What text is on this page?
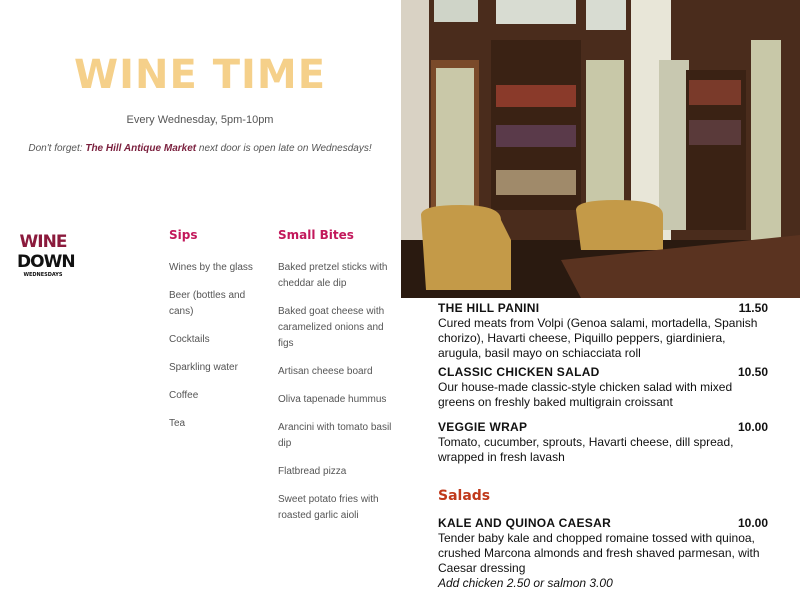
WINE TIME
Every Wednesday, 5pm-10pm
Don't forget: The Hill Antique Market next door is open late on Wednesdays!
WINE
DOWN
WEDNESDAYS
Sips
Wines by the glass
Beer (bottles and cans)
Cocktails
Sparkling water
Coffee
Tea
Small Bites
Baked pretzel sticks with cheddar ale dip
Baked goat cheese with caramelized onions and figs
Artisan cheese board
Oliva tapenade hummus
Arancini with tomato basil dip
Flatbread pizza
Sweet potato fries with roasted garlic aioli
THE HILL PANINI	11.50
Cured meats from Volpi (Genoa salami, mortadella, Spanish chorizo), Havarti cheese, Piquillo peppers, giardiniera, arugula, basil mayo on schiacciata roll
CLASSIC CHICKEN SALAD	10.50
Our house-made classic-style chicken salad with mixed greens on freshly baked multigrain croissant
VEGGIE WRAP	10.00
Tomato, cucumber, sprouts, Havarti cheese, dill spread, wrapped in fresh lavash
Salads
KALE AND QUINOA CAESAR	10.00
Tender baby kale and chopped romaine tossed with quinoa, crushed Marcona almonds and fresh shaved parmesan, with Caesar dressing
Add chicken 2.50 or salmon 3.00
